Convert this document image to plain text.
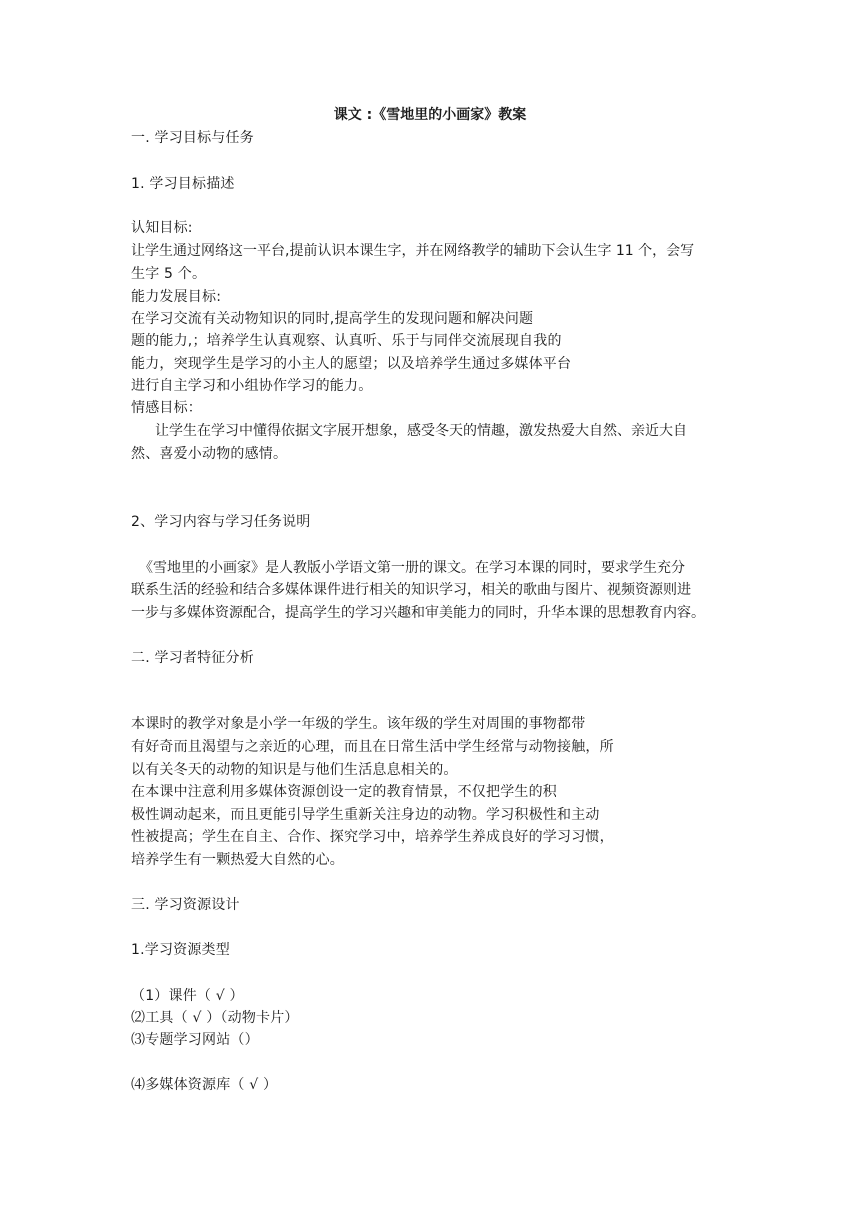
课文 :《雪地里的小画家》教案
一. 学习目标与任务
1. 学习目标描述
认知目标:
让学生通过网络这一平台,提前认识本课生字，并在网络教学的辅助下会认生字 11 个，会写
生字 5 个。
能力发展目标:
在学习交流有关动物知识的同时,提高学生的发现问题和解决问题
题的能力,；培养学生认真观察、认真听、乐于与同伴交流展现自我的
能力，突现学生是学习的小主人的愿望；以及培养学生通过多媒体平台
进行自主学习和小组协作学习的能力。
情感目标：
让学生在学习中懂得依据文字展开想象，感受冬天的情趣，激发热爱大自然、亲近大自
然、喜爱小动物的感情。
2、学习内容与学习任务说明
《雪地里的小画家》是人教版小学语文第一册的课文。在学习本课的同时，要求学生充分
联系生活的经验和结合多媒体课件进行相关的知识学习，相关的歌曲与图片、视频资源则进
一步与多媒体资源配合，提高学生的学习兴趣和审美能力的同时，升华本课的思想教育内容。
二. 学习者特征分析
本课时的教学对象是小学一年级的学生。该年级的学生对周围的事物都带
有好奇而且渴望与之亲近的心理，而且在日常生活中学生经常与动物接触，所
以有关冬天的动物的知识是与他们生活息息相关的。
在本课中注意利用多媒体资源创设一定的教育情景，不仅把学生的积
极性调动起来，而且更能引导学生重新关注身边的动物。学习积极性和主动
性被提高；学生在自主、合作、探究学习中，培养学生养成良好的学习习惯，
培养学生有一颗热爱大自然的心。
三. 学习资源设计
1.学习资源类型
（1）课件（ √ ）
⑵工具（ √ ）（动物卡片）
⑶专题学习网站（）
⑷多媒体资源库（ √ ）
